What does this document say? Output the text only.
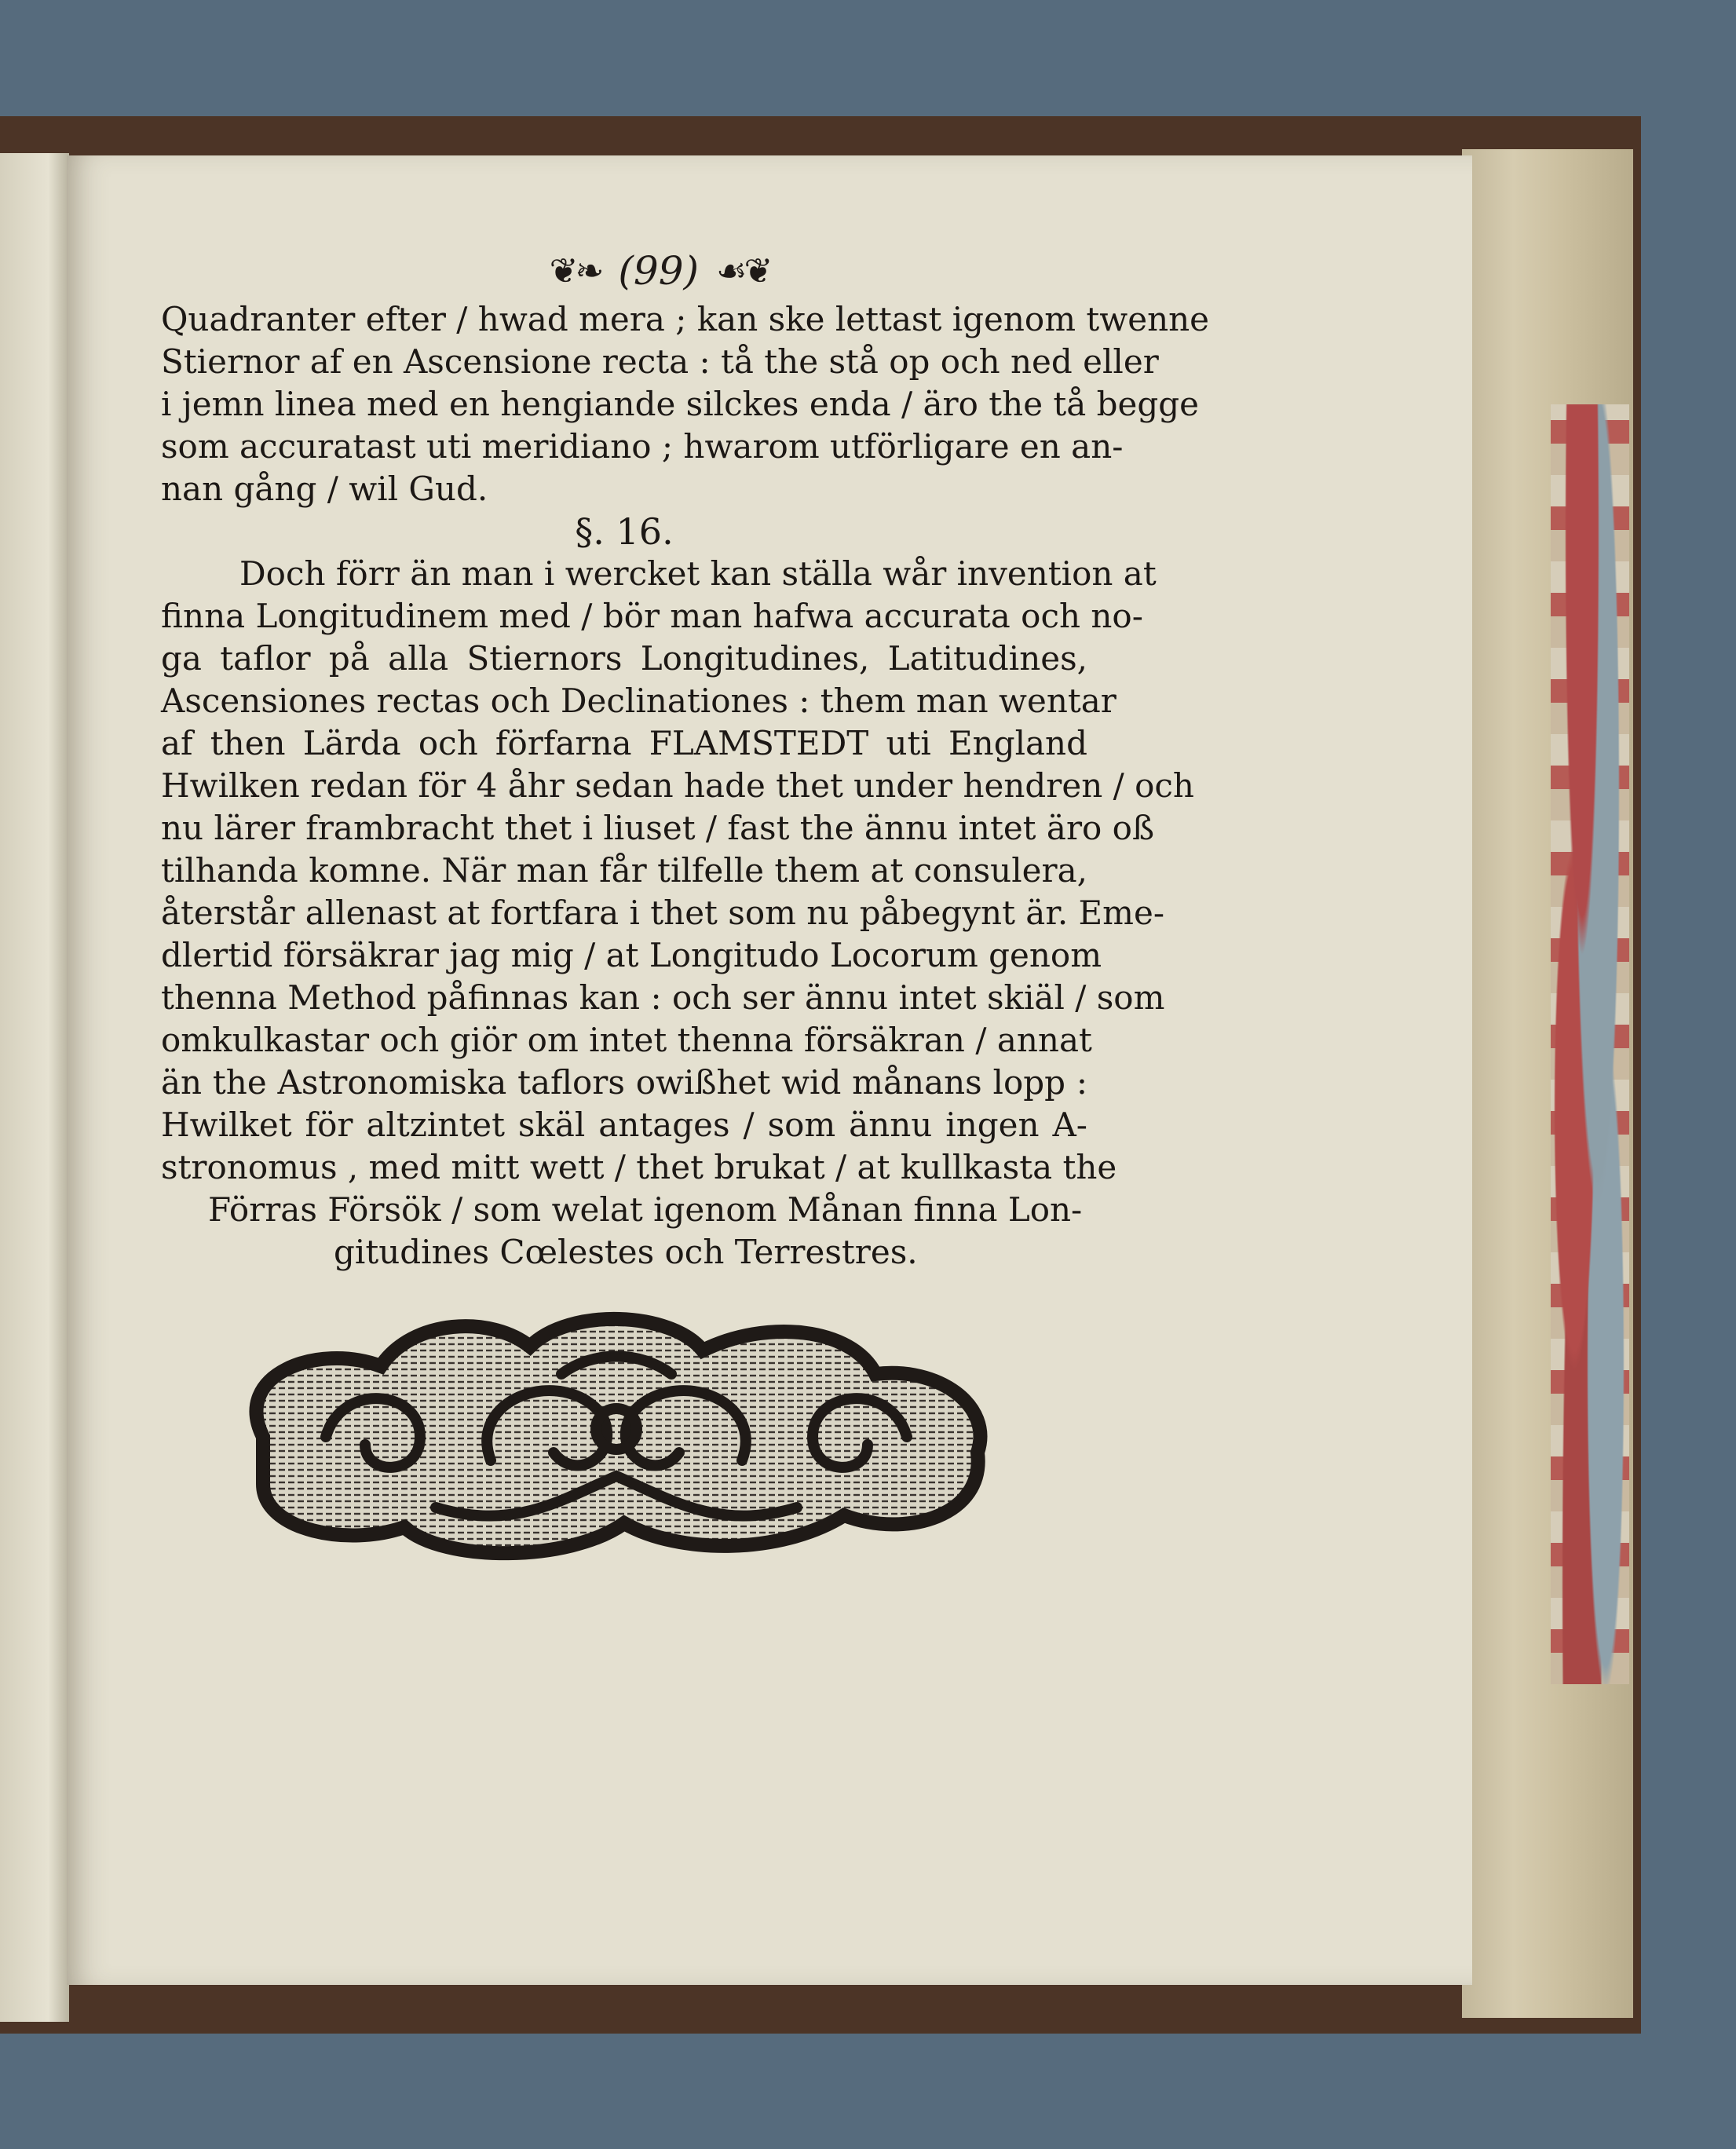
❦❧ (99) ☙❦
Quadranter efter / hwad mera ; kan ske lettast igenom twenne
Stiernor af en Ascensione recta : tå the stå op och ned eller
i jemn linea med en hengiande silckes enda / äro the tå begge
som accuratast uti meridiano ; hwarom utförligare en an-
nan gång / wil Gud.
§. 16.
Doch förr än man i wercket kan ställa wår invention at
finna Longitudinem med / bör man hafwa accurata och no-
ga taflor på alla Stiernors Longitudines, Latitudines,
Ascensiones rectas och Declinationes : them man wentar
af then Lärda och förfarna FLAMSTEDT uti England
Hwilken redan för 4 åhr sedan hade thet under hendren / och
nu lärer frambracht thet i liuset / fast the ännu intet äro oß
tilhanda komne. När man får tilfelle them at consulera,
återstår allenast at fortfara i thet som nu påbegynt är. Eme-
dlertid försäkrar jag mig / at Longitudo Locorum genom
thenna Method påfinnas kan : och ser ännu intet skiäl / som
omkulkastar och giör om intet thenna försäkran / annat
än the Astronomiska taflors owißhet wid månans lopp :
Hwilket för altzintet skäl antages / som ännu ingen A-
stronomus , med mitt wett / thet brukat / at kullkasta the
Förras Försök / som welat igenom Månan finna Lon-
gitudines Cœlestes och Terrestres.
